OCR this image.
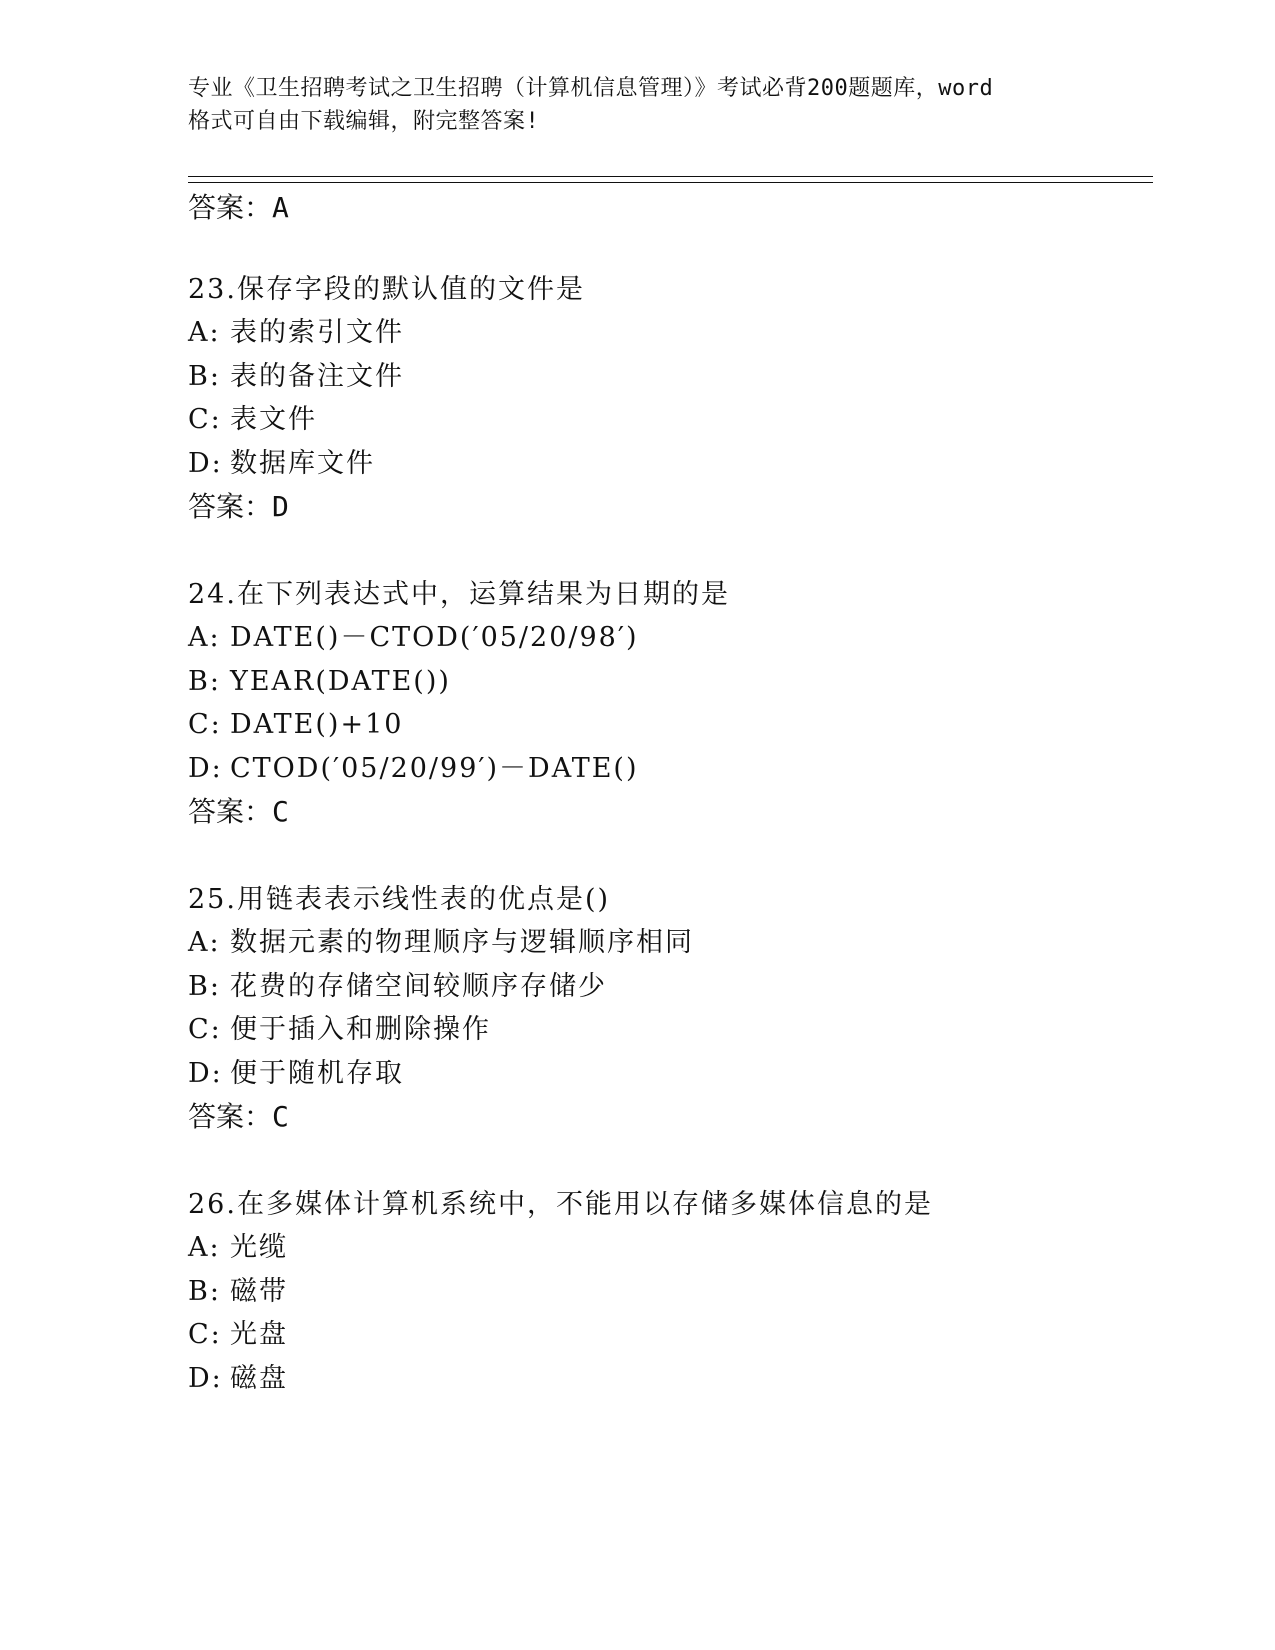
专业《卫生招聘考试之卫生招聘（计算机信息管理）》考试必背200题题库，word
格式可自由下载编辑，附完整答案!
答案：A
23.保存字段的默认值的文件是
A: 表的索引文件
B: 表的备注文件
C: 表文件
D: 数据库文件
答案：D
24.在下列表达式中，运算结果为日期的是
A: DATE()－CTOD(′05/20/98′)
B: YEAR(DATE())
C: DATE()+10
D: CTOD(′05/20/99′)－DATE()
答案：C
25.用链表表示线性表的优点是()
A: 数据元素的物理顺序与逻辑顺序相同
B: 花费的存储空间较顺序存储少
C: 便于插入和删除操作
D: 便于随机存取
答案：C
26.在多媒体计算机系统中，不能用以存储多媒体信息的是
A: 光缆
B: 磁带
C: 光盘
D: 磁盘
